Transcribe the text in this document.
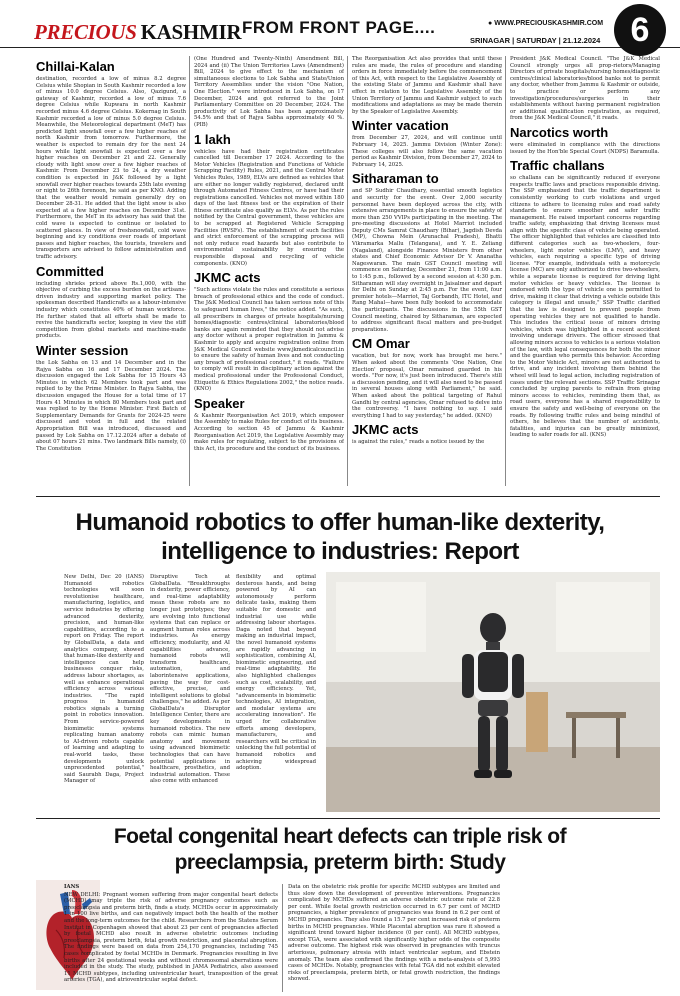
PRECIOUS KASHMIR FROM FRONT PAGE....	● WWW.PRECIOUSKASHMIR.COM
SRINAGAR | SATURDAY | 21.12.2024 6
Chillai-Kalan

destination, recorded a low of minus 8.2 degree Celsius while Shopian in South Kashmir recorded a low of minus 10.0 degree Celsius. Also, Qazigund, a gateway of Kashmir, recorded a low of minus 7.6 degree Celsius while Kupwara in north Kashmir recorded minus 4.6 degree Celsius. Kokernag in South Kashmir recorded a low of minus 5.0 degree Celsius. Meanwhile, the Meteorological department (MeT) has predicted light snowfall over a few higher reaches of north Kashmir from tomorrow. Furthermore, the weather is expected to remain dry for the next 24 hours while light snowfall is expected over a few higher reaches on December 21 and 22. Generally cloudy with light snow over a few higher reaches of Kashmir. From December 23 to 24, a dry weather condition is expected in J&K followed by a light snowfall over higher reaches towards 25th late evening or night to 26th forenoon, he said as per KNO. Adding that the weather would remain generally dry on December 28-31. He added that the light snow is also expected at a few higher reaches on December 31st. Furthermore, the MeT in its advisory has said that the cold wave is expected to continue or isolated to scattered places. In view of freshsnowfall, cold wave beginning and icy conditions over roads of important passes and higher reaches, the tourists, travelers and transporters are advised to follow administration and traffic advisory.

Committed

including shrieks priced above Rs.1,000, with the objective of curbing the excess burden on the artisans-driven industry and supporting market policy. The spokesman described Handicrafts as a labour-intensive industry which constitutes 40% of human workforce. He further stated that all efforts shall be made to revive the handicrafts sector, keeping in view the stiff competition from global markets and machine-made products.

Winter session

the Lok Sabha on 13 and 14 December and in the Rajya Sabha on 16 and 17 December 2024. The discussion engaged the Lok Sabha for 15 Hours 43 Minutes in which 62 Members took part and was replied to by the Prime Minister. In Rajya Sabha, the discussion engaged the House for a total time of 17 Hours 41 Minutes in which 80 Members took part and was replied to by the Home Minister. First Batch of Supplementary Demands for Grants for 2024-25 were discussed and voted in full and the related Appropriation Bill was introduced, discussed and passed by Lok Sabha on 17.12.2024 after a debate of about 07 hours 21 mins. Two landmark Bills namely, (i) The Constitution

(One Hundred and Twenty-Ninth) Amendment Bill, 2024 and (ii) The Union Territories Laws (Amendment) Bill, 2024 to give effect to the mechanism of simultaneous elections to Lok Sabha and State/Union Territory Assemblies under the vision "One Nation, One Election." were introduced in Lok Sabha, on 17 December, 2024 and got referred to the Joint Parliamentary Committee on 20 December, 2024. The productivity of Lok Sabha has been approximately 54.5% and that of Rajya Sabha approximately 40 %. (PIB)

1 lakh

vehicles have had their registration certificates cancelled till December 17 2024. According to the Motor Vehicles (Registration and Functions of Vehicle Scrapping Facility) Rules, 2021, and the Central Motor Vehicles Rules, 1989, ELVs are defined as vehicles that are either no longer validly registered, declared unfit through Automated Fitness Centres, or have had their registrations cancelled. Vehicles not moved within 180 days of the last fitness test or the expiration of their fitness certificate also qualify as ELVs. As per the rules notified by the Central government, these vehicles are to be scrapped at Registered Vehicle Scrapping Facilities (RVSFs). The establishment of such facilities and strict enforcement of the scrapping process will not only reduce road hazards but also contribute to environmental sustainability by ensuring the responsible disposal and recycling of vehicle components. (KNO)

JKMC acts

"Such actions violate the rules and constitute a serious breach of professional ethics and the code of conduct. The J&K Medical Council has taken serious note of this to safeguard human lives," the notice added. "As such, all prescribers in charges of private hospitals/nursing homes/diagnostic centres/clinical laboratories/blood banks are again reminded that they should not advise any doctor without a proper registration in Jammu & Kashmir to apply and acquire registration online from J&K Medical Council website www.jkmedicalcouncil.in to ensure the safety of human lives and not conducting any breach of professional conduct," it reads. "Failure to comply will result in disciplinary action against the medical professional under the Professional Conduct, Etiquette & Ethics Regulations 2002," the notice reads. (KNO)

Speaker

& Kashmir Reorganisation Act 2019, which empower the Assembly to make Rules for conduct of its business. According to section 45 of Jammu & Kashmir Reorganisation Act 2019, the Legislative Assembly may make rules for regulating, subject to the provisions of this Act, its procedure and the conduct of its business.

The Reorganisation Act also provides that until these rules are made, the rules of procedure and standing orders in force immediately before the commencement of this Act, with respect to the Legislative Assembly of the existing State of Jammu and Kashmir shall have effect in relation to the Legislative Assembly of the Union Territory of Jammu and Kashmir subject to such modifications and adaptations as may be made therein by the Speaker of Legislative Assembly.

Winter vacation

from December 27, 2024, and will continue until February 14, 2025. Jammu Division (Winter Zone): These colleges will also follow the same vacation period as Kashmir Division, from December 27, 2024 to February 14, 2025.

Sitharaman to

and SP Sudhir Chaudhary, essential smooth logistics and security for the event. Over 2,000 security personnel have been deployed across the city, with extensive arrangements in place to ensure the safety of more than 250 VVIPs participating in the meeting. The pre-meeting discussions at Hotel Marriot included Deputy CMs Samrat Chaudhary (Bihar), Jagdish Devda (MP), Chowna Mein (Arunachal Pradesh), Bhatti Vikramarka Mallu (Telangana), and Y. E. Zeliang (Nagaland), alongside Finance Ministers from other states and Chief Economic Advisor Dr V. Ananatha Nageswaran. The main GST Council meeting will commence on Saturday, December 21, from 11:00 a.m. to 1:45 p.m., followed by a second session at 4:30 p.m. Sitharaman will stay overnight in Jaisalmer and depart for Delhi on Sunday at 2:45 p.m. For the event, four premier hotels—Marriot, Taj Gorbandh, ITC Hotel, and Rang Mahal—have been fully booked to accommodate the participants. The discussions in the 55th GST Council meeting, chaired by Sitharaman, are expected to address significant fiscal matters and pre-budget preparations.

CM Omar

vacation, but for now, work has brought me here." When asked about the comments 'One Nation, One Election' proposal, Omar remained guarded in his words. "For now, it's just been introduced. There's still a discussion pending, and it will also need to be passed in several houses along with Parliament," he said. When asked about the political targeting of Rahul Gandhi by central agencies, Omar refused to delve into the controversy. "I have nothing to say. I said everything I had to say yesterday," he added. (KNO)

JKMC acts

is against the rules," reads a notice issued by the

President J&K Medical Council. "The J&K Medical Council strongly urges all prop-rietors/Managing Directors of private hospitals/nursing homes/diagnostic centres/clinical laboratories/blood banks not to permit any doctor, whether from Jammu & Kashmir or outside, to practice or perform any investigation/procedures/surgeries in their establishments without having permanent registration or additional qualification registration, as required, from the J&K Medical Council," it reads.

Narcotics worth

were eliminated in compliance with the directions issued by the Hon'ble Special Court (NDPS) Baramulla.

Traffic challans

so challans can be significantly reduced if everyone respects traffic laws and practices responsible driving. The SSP emphasized that the traffic department is consistently working to curb violations and urged citizens to adhere to licensing rules and road safety standards to ensure smoother and safer traffic management. He raised important concerns regarding traffic safety, emphasizing that driving licenses must align with the specific class of vehicle being operated. The officer highlighted that vehicles are classified into different categories such as two-wheelers, four-wheelers, light motor vehicles (LMV), and heavy vehicles, each requiring a specific type of driving license. "For example, individuals with a motorcycle license (MC) are only authorized to drive two-wheelers, while a separate license is required for driving light motor vehicles or heavy vehicles. The license is endorsed with the type of vehicle one is permitted to drive, making it clear that driving a vehicle outside this category is illegal and unsafe," SSP Traffic clarified that the law is designed to prevent people from operating vehicles they are not qualified to handle. This includes the critical issue of minors driving vehicles, which was highlighted in a recent accident involving underage drivers. The officer stressed that allowing minors access to vehicles is a serious violation of the law, with legal consequences for both the minor and the guardian who permits this behavior. According to the Motor Vehicle Act, minors are not authorized to drive, and any incident involving them behind the wheel will lead to legal action, including registration of cases under the relevant sections. SSP Traffic Srinagar concluded by urging parents to refrain from giving minors access to vehicles, reminding them that, as road users, everyone has a shared responsibility to ensure the safety and well-being of everyone on the roads. By following traffic rules and being mindful of others, he believes that the number of accidents, fatalities, and injuries can be greatly minimized, leading to safer roads for all. (KNS)

Humanoid robotics to offer human-like dexterity, intelligence to industries: Report
New Delhi, Dec 20 (IANS) Humanoid robotics technologies will soon revolutionise healthcare, manufacturing, logistics, and service industries by offering advanced dexterity, precision, and human-like capabilities, according to a report on Friday. The report by GlobalData, a data and analytics company, showed that human-like dexterity and intelligence can help businesses conquer risks, address labour shortages, as well as enhance operational efficiency across various industries. "The rapid progress in humanoid robotics signals a turning point in robotics innovation. From service-powered biomimetic systems replicating human anatomy to AI-driven robots capable of learning and adapting to real-world tasks, these developments unlock unprecedented potential," said Saurabh Daga, Project Manager of
Disruptive Tech at GlobalData. "Breakthroughs in dexterity, power efficiency, and real-time adaptability mean these robots are no longer just prototypes; they are evolving into functional systems that can replace or augment human roles across industries. As energy efficiency, modularity, and AI capabilities advance, humanoid robots will transform healthcare, automation, and laborintensive applications, paving the way for cost-effective, precise, and intelligent solutions to global challenges," he added. As per GlobalData's Disruptor Intelligence Center, there are key developments in humanoid robotics. The new robots can mimic human anatomy and movement using advanced biomimetic technologies that can have potential applications in healthcare, prosthetics, and industrial automation. These also come with enhanced
flexibility and optimal dexterous hands, and being powered by AI can autonomously perform delicate tasks, making them suitable for domestic and industrial use while addressing labour shortages. Daga noted that beyond making an industrial impact, the novel humanoid systems are rapidly advancing in sophistication, combining AI, biomimetic engineering, and real-time adaptability. He also highlighted challenges such as cost, scalability, and energy efficiency. Yet, "advancements in biomimetic technologies, AI integration, and modular systems are accelerating innovation". He urged for collaborative efforts among developers, manufacturers, and researchers will be critical in unlocking the full potential of humanoid robotics and achieving widespread adoption.
Foetal congenital heart defects can triple risk of preeclampsia, preterm birth: Study

IANS

NEW DELHI: Pregnant women suffering from major congenital heart defects (MCHD) may triple the risk of adverse pregnancy outcomes such as preeclampsia and preterm birth, finds a study. MCHDs occur in approximately 1 in 100 live births, and can negatively impact both the health of the mother and the long-term outcomes for the child. Researchers from the Statens Serum Institut in Copenhagen showed that about 23 per cent of pregnancies affected by foetal MCHD also result in adverse obstetric outcomes including preeclampsia, preterm birth, fetal growth restriction, and placental abruption. The findings were based on data from 254,170 pregnancies, including 745 cases complicated by foetal MCHDs in Denmark. Pregnancies resulting in live births after 24 gestational weeks and without chromosomal aberrations were included in the study. The study, published in JAMA Pediatrics, also assessed 11 MCHD subtypes, including univentricular heart, transposition of the great arteries (TGA), and atrioventricular septal defect.

Data on the obstetric risk profile for specific MCHD subtypes are limited and thus slow down the development of preventive interventions. Pregnancies complicated by MCHDs suffered an adverse obstetric outcome rate of 22.8 per cent. While foetal growth restriction occurred in 6.7 per cent of MCHD pregnancies, a higher prevalence of pregnancies was found in 6.2 per cent of MCHD pregnancies. They also found a 15.7 per cent increased risk of preterm births in MCHD pregnancies. While Placental abruption was rare it showed a significant trend toward higher incidence (0 per cent). All MCHD subtypes, except TGA, were associated with significantly higher odds of the composite adverse outcome. The highest risk was observed in pregnancies with truncus arteriosus, pulmonary atresia with intact ventricular septum, and Ebstein anomaly. The team also confirmed the findings with a meta-analysis of 5,993 cases of MCHDs. Notably, pregnancies with fetal TGA did not exhibit elevated risks of preeclampsia, preterm birth, or fetal growth restriction, the findings showed.
